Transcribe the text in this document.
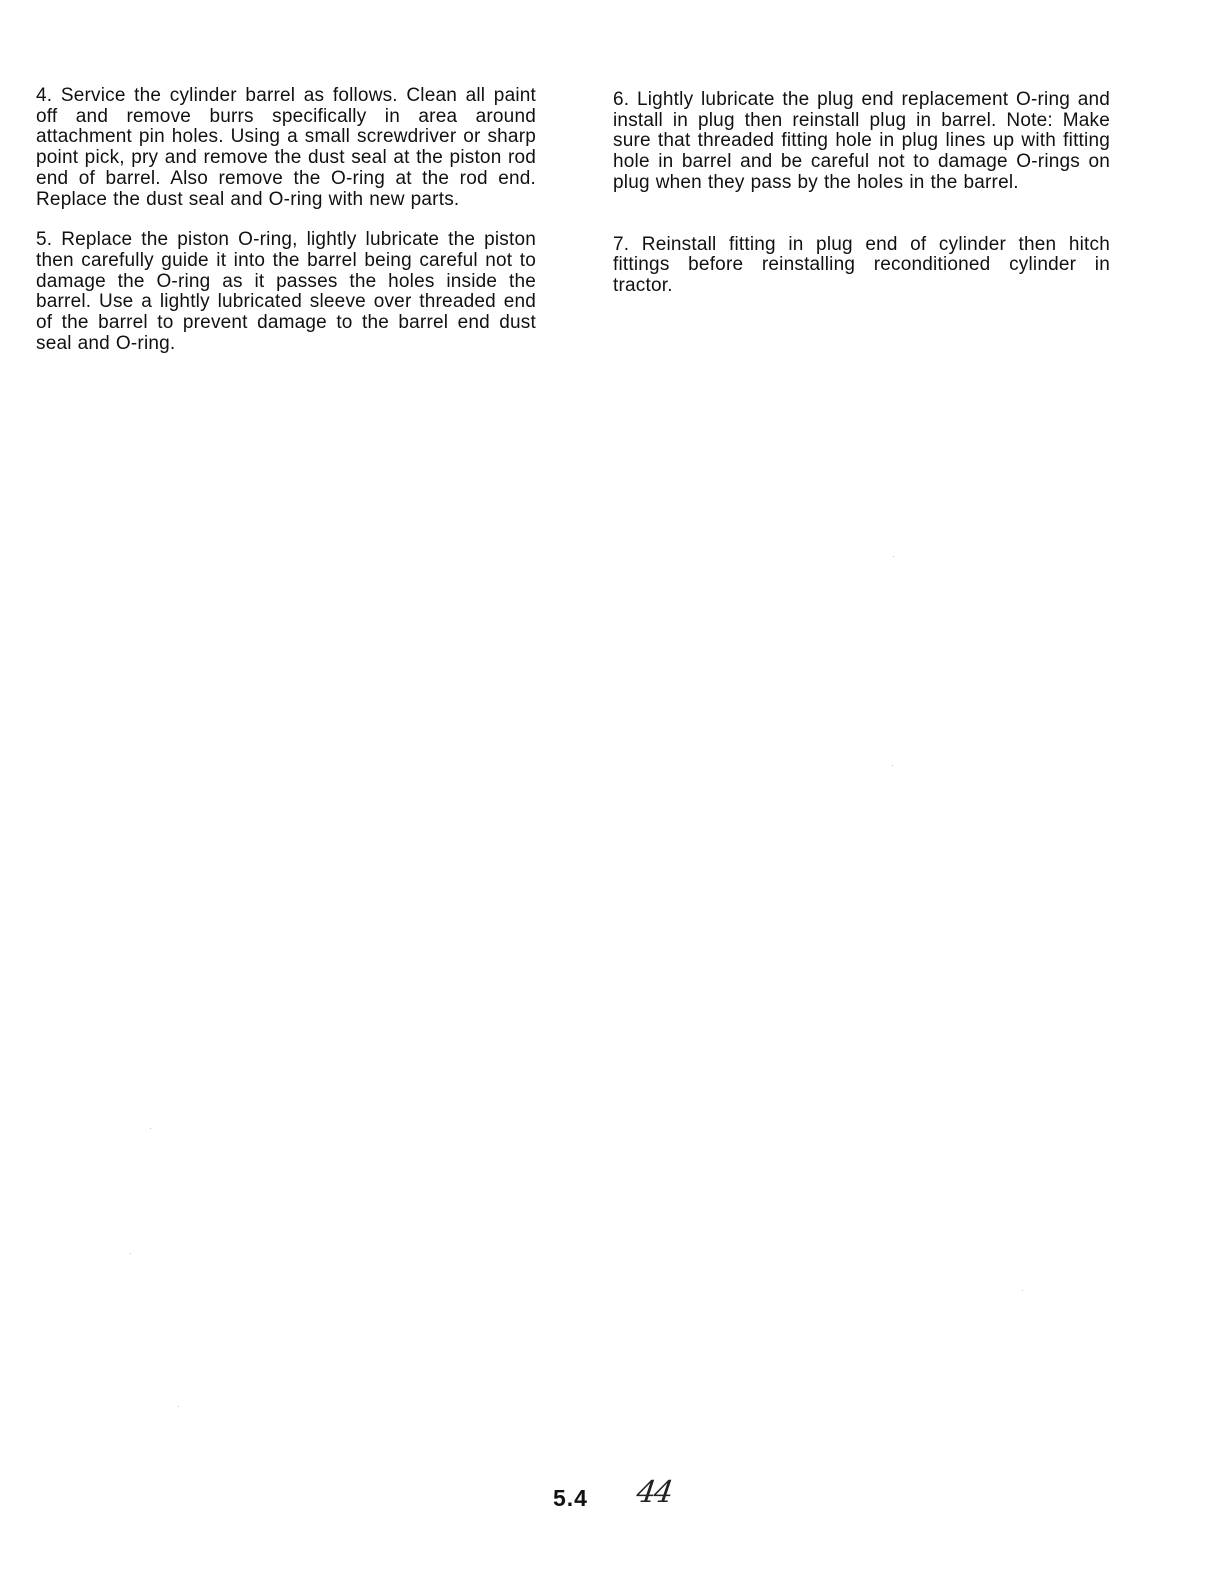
4. Service the cylinder barrel as follows. Clean all paint off and remove burrs specifically in area around attachment pin holes. Using a small screwdriver or sharp point pick, pry and remove the dust seal at the piston rod end of barrel. Also remove the O-ring at the rod end. Replace the dust seal and O-ring with new parts.

5. Replace the piston O-ring, lightly lubricate the piston then carefully guide it into the barrel being careful not to damage the O-ring as it passes the holes inside the barrel. Use a lightly lubricated sleeve over threaded end of the barrel to prevent damage to the barrel end dust seal and O-ring.

6. Lightly lubricate the plug end replacement O-ring and install in plug then reinstall plug in barrel. Note: Make sure that threaded fitting hole in plug lines up with fitting hole in barrel and be careful not to damage O-rings on plug when they pass by the holes in the barrel.

7. Reinstall fitting in plug end of cylinder then hitch fittings before reinstalling reconditioned cylinder in tractor.

5.4 44
